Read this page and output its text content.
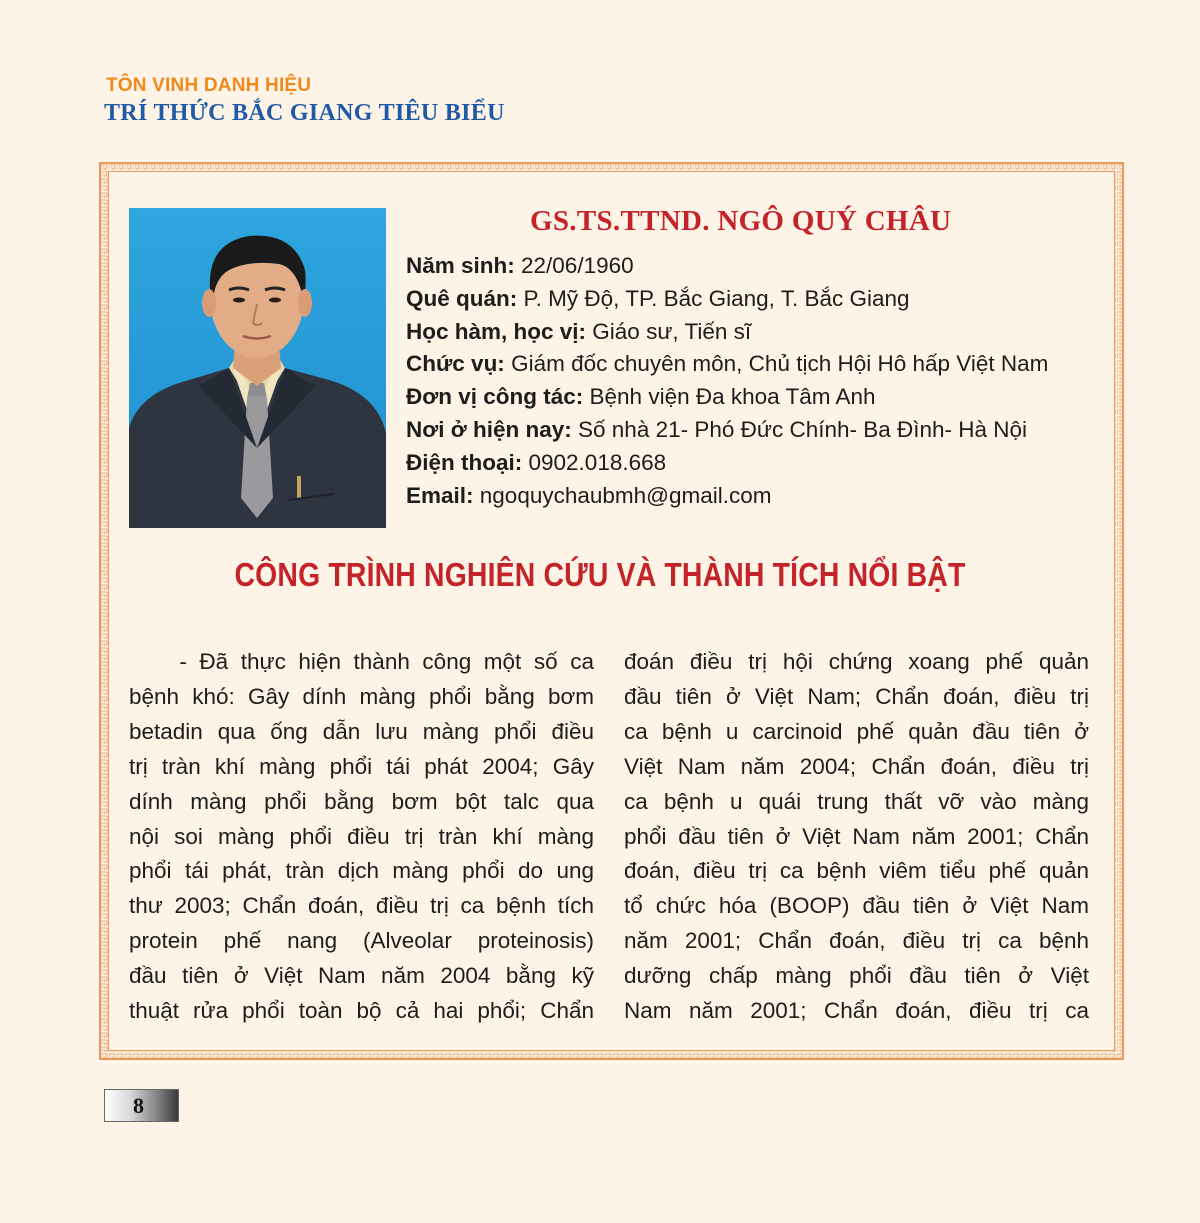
TÔN VINH DANH HIỆU
TRÍ THỨC BẮC GIANG TIÊU BIỂU
GS.TS.TTND. NGÔ QUÝ CHÂU
Năm sinh: 22/06/1960
Quê quán: P. Mỹ Độ, TP. Bắc Giang, T. Bắc Giang
Học hàm, học vị: Giáo sư, Tiến sĩ
Chức vụ: Giám đốc chuyên môn, Chủ tịch Hội Hô hấp Việt Nam
Đơn vị công tác: Bệnh viện Đa khoa Tâm Anh
Nơi ở hiện nay: Số nhà 21- Phó Đức Chính- Ba Đình- Hà Nội
Điện thoại: 0902.018.668
Email: ngoquychaubmh@gmail.com
CÔNG TRÌNH NGHIÊN CỨU VÀ THÀNH TÍCH NỔI BẬT
- Đã thực hiện thành công một số ca
bệnh khó: Gây dính màng phổi bằng bơm
betadin qua ống dẫn lưu màng phổi điều
trị tràn khí màng phổi tái phát 2004; Gây
dính màng phổi bằng bơm bột talc qua
nội soi màng phổi điều trị tràn khí màng
phổi tái phát, tràn dịch màng phổi do ung
thư 2003; Chẩn đoán, điều trị ca bệnh tích
protein phế nang (Alveolar proteinosis)
đầu tiên ở Việt Nam năm 2004 bằng kỹ
thuật rửa phổi toàn bộ cả hai phổi; Chẩn
đoán điều trị hội chứng xoang phế quản
đầu tiên ở Việt Nam; Chẩn đoán, điều trị
ca bệnh u carcinoid phế quản đầu tiên ở
Việt Nam năm 2004; Chẩn đoán, điều trị
ca bệnh u quái trung thất vỡ vào màng
phổi đầu tiên ở Việt Nam năm 2001; Chẩn
đoán, điều trị ca bệnh viêm tiểu phế quản
tổ chức hóa (BOOP) đầu tiên ở Việt Nam
năm 2001; Chẩn đoán, điều trị ca bệnh
dưỡng chấp màng phổi đầu tiên ở Việt
Nam năm 2001; Chẩn đoán, điều trị ca
8
